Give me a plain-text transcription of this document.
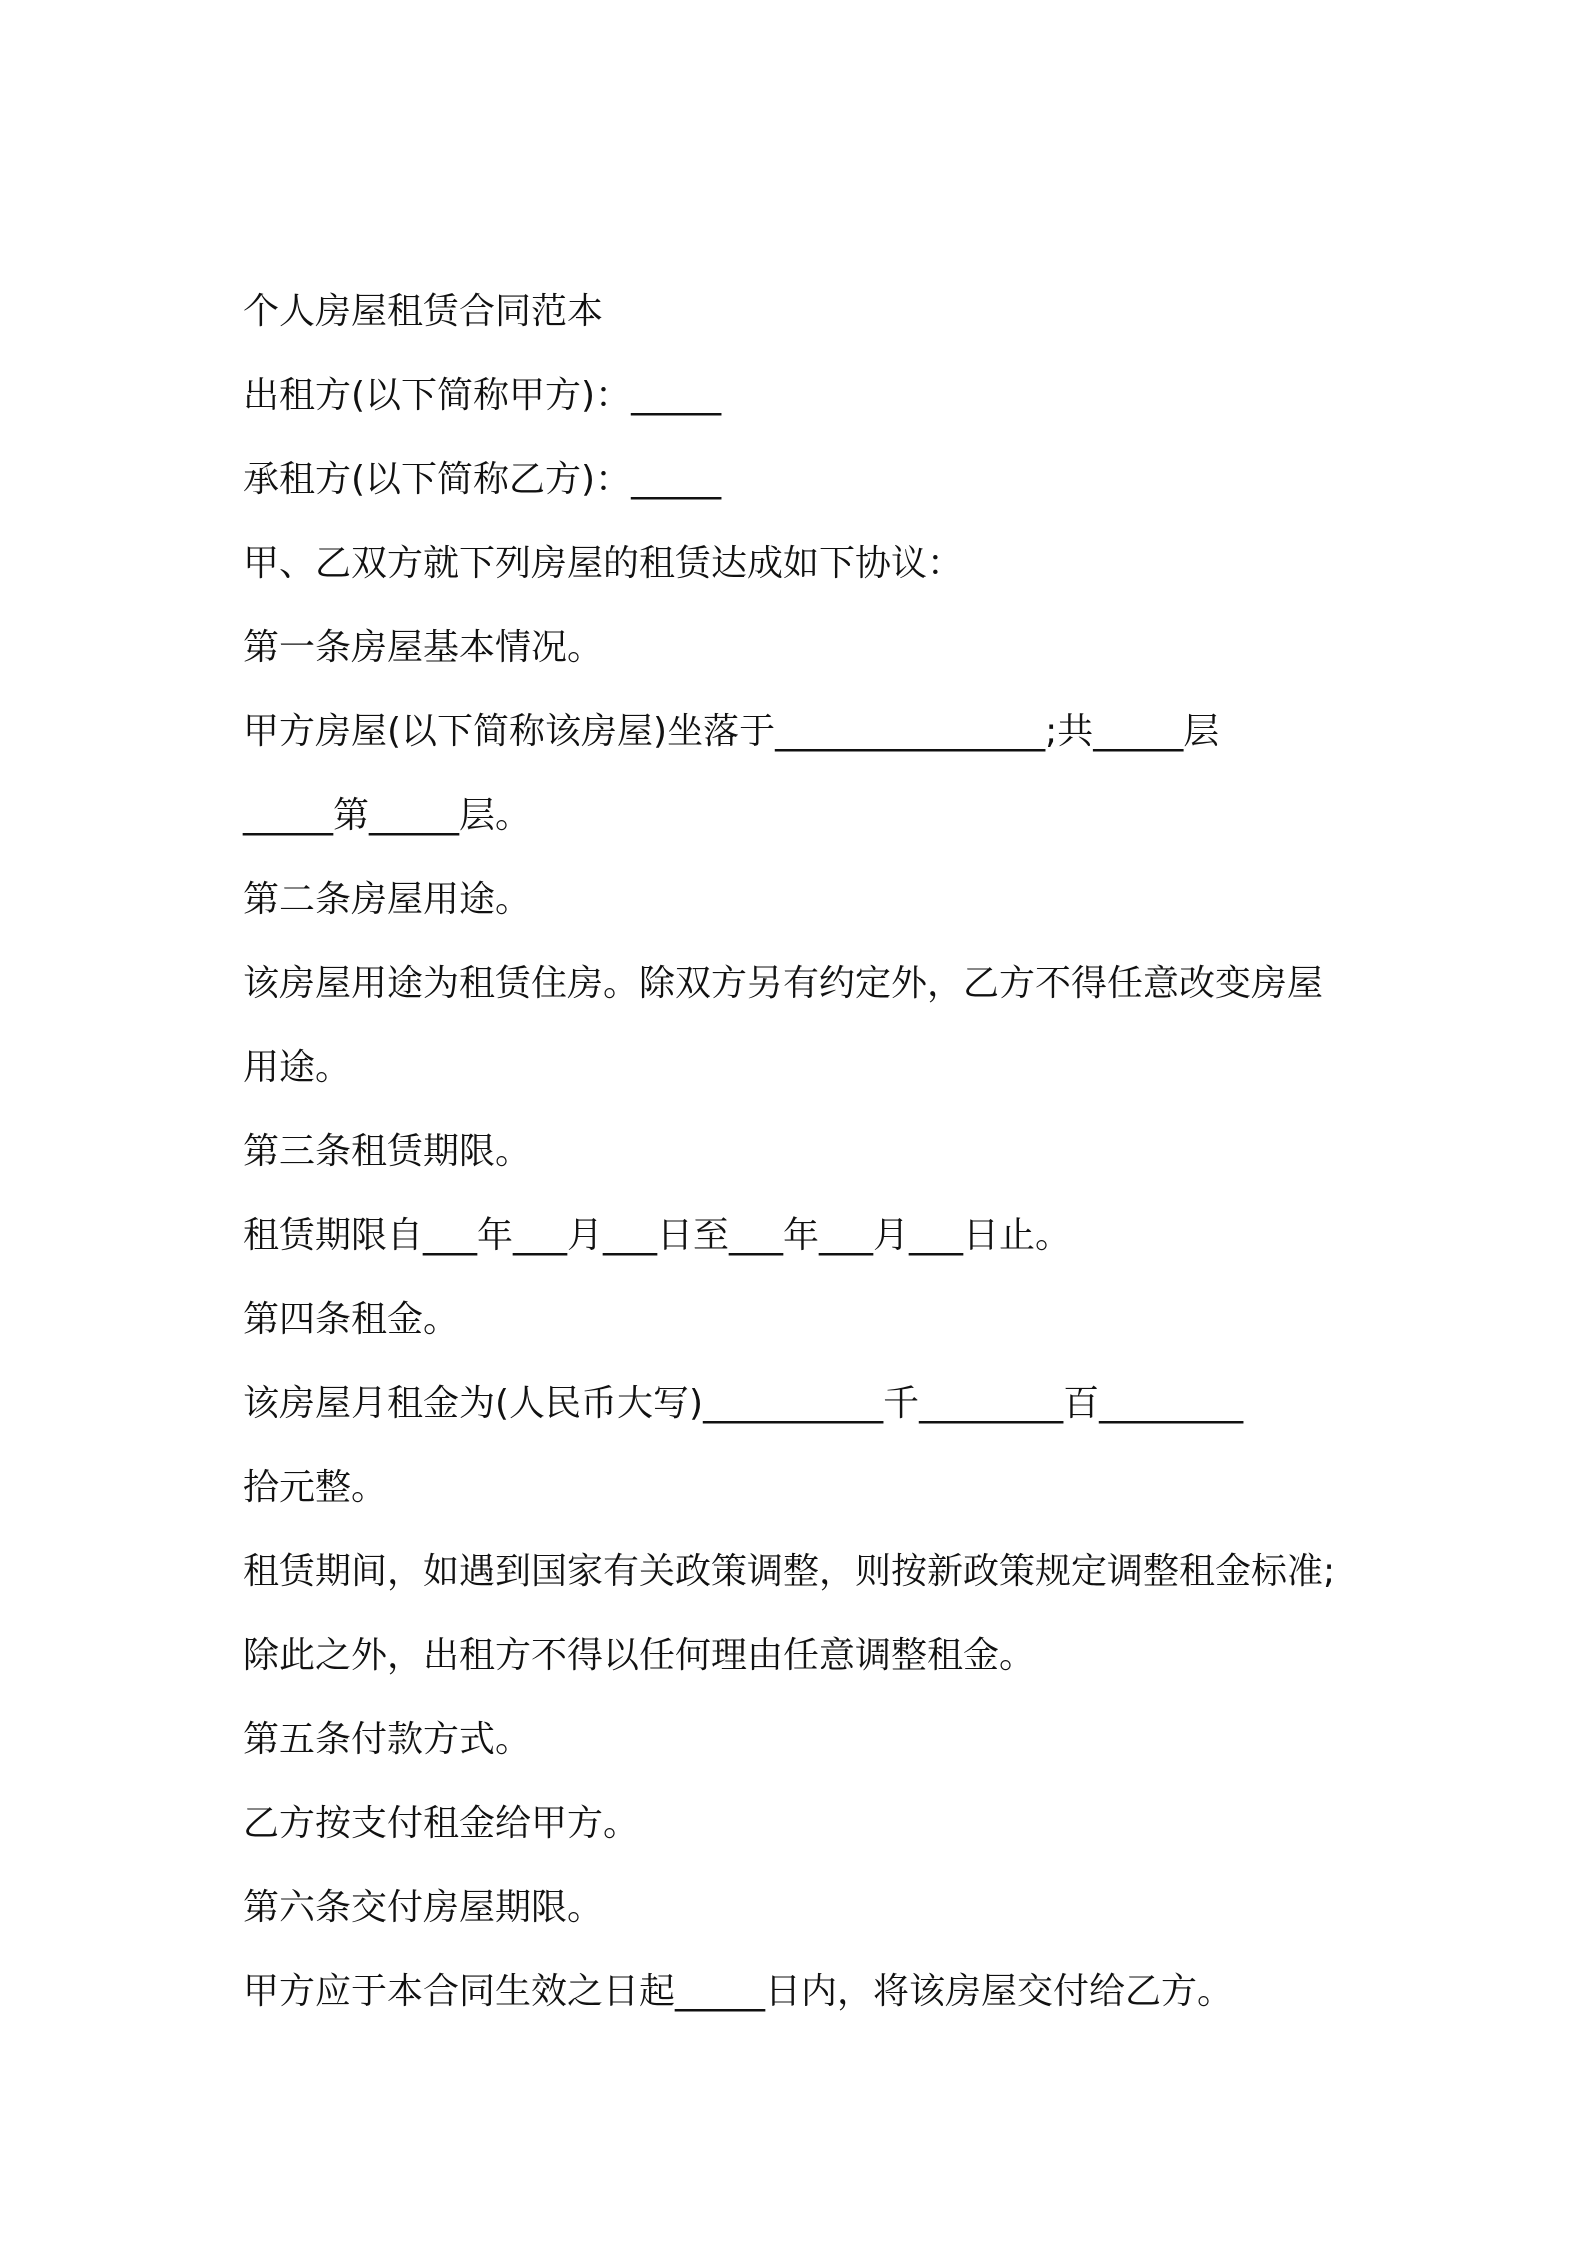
个人房屋租赁合同范本
出租方(以下简称甲方)：_____
承租方(以下简称乙方)：_____
甲、乙双方就下列房屋的租赁达成如下协议：
第一条房屋基本情况。
甲方房屋(以下简称该房屋)坐落于_______________;共_____层
_____第_____层。
第二条房屋用途。
该房屋用途为租赁住房。除双方另有约定外，乙方不得任意改变房屋
用途。
第三条租赁期限。
租赁期限自___年___月___日至___年___月___日止。
第四条租金。
该房屋月租金为(人民币大写)__________千________百________
拾元整。
租赁期间，如遇到国家有关政策调整，则按新政策规定调整租金标准;
除此之外，出租方不得以任何理由任意调整租金。
第五条付款方式。
乙方按支付租金给甲方。
第六条交付房屋期限。
甲方应于本合同生效之日起_____日内，将该房屋交付给乙方。
